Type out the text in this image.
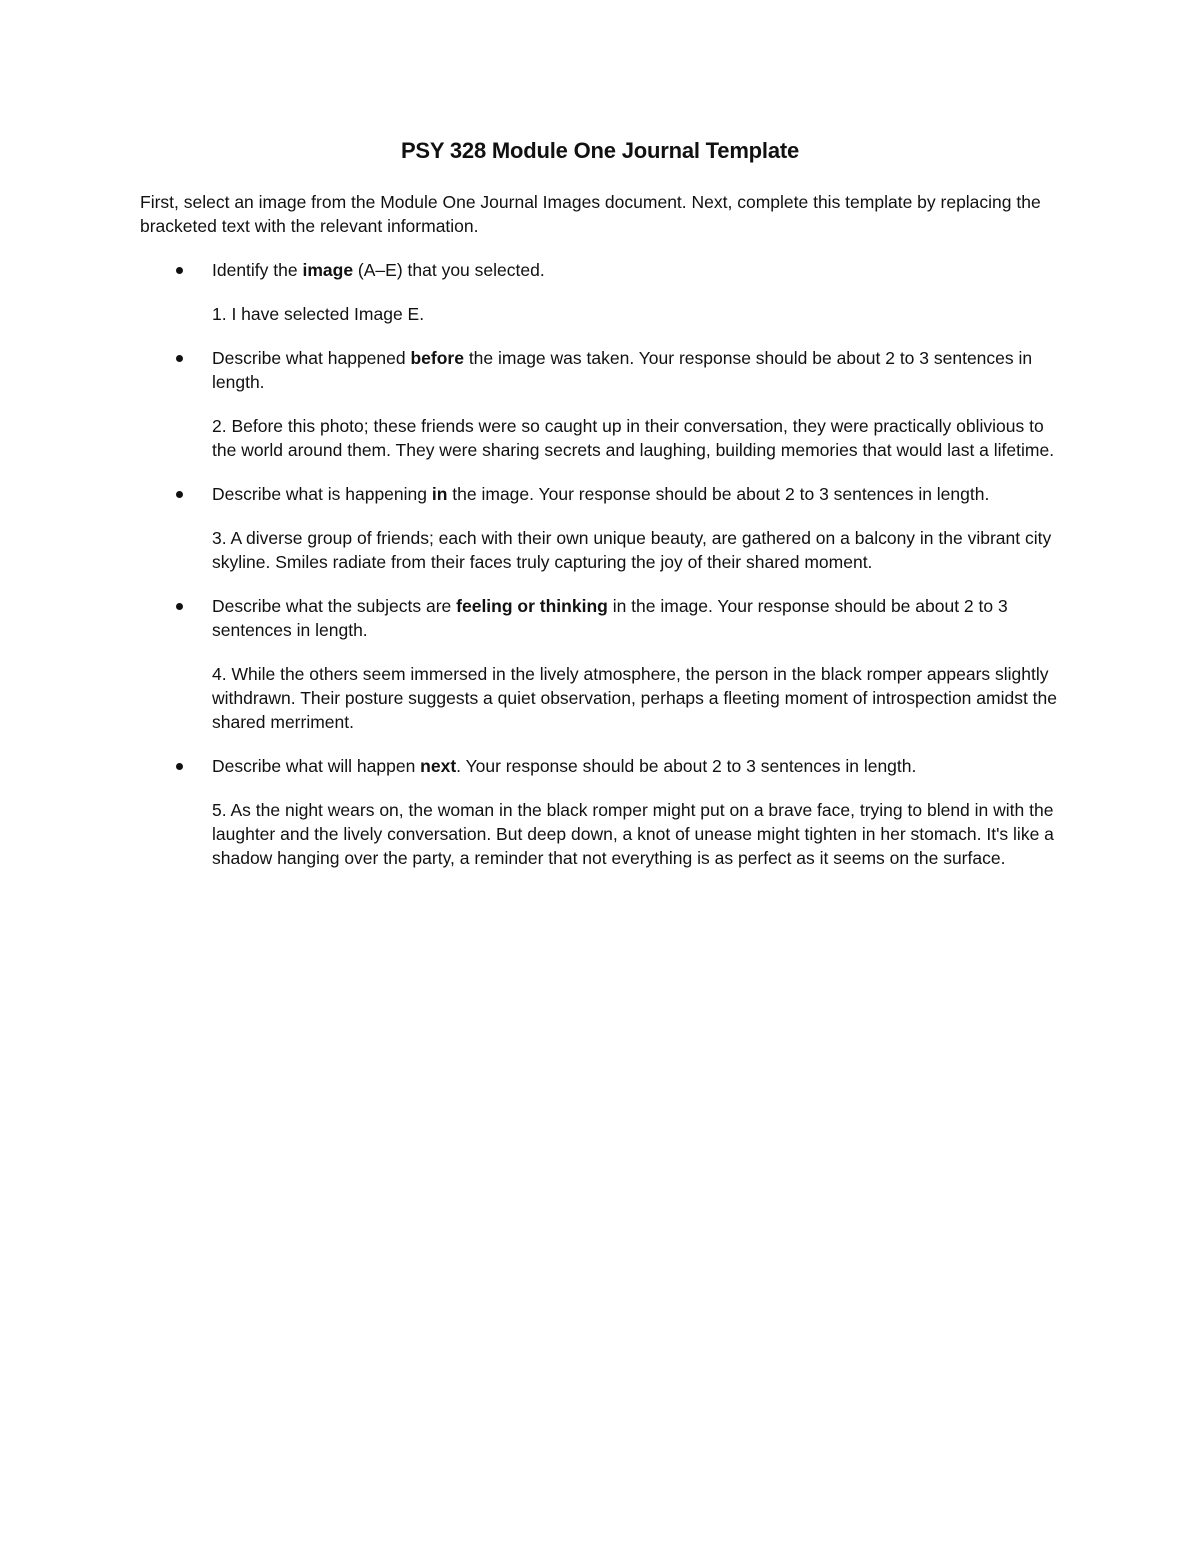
PSY 328 Module One Journal Template

First, select an image from the Module One Journal Images document. Next, complete this template by replacing the bracketed text with the relevant information.

Identify the image (A–E) that you selected.

1. I have selected Image E.

Describe what happened before the image was taken. Your response should be about 2 to 3 sentences in length.

2. Before this photo; these friends were so caught up in their conversation, they were practically oblivious to the world around them. They were sharing secrets and laughing, building memories that would last a lifetime.

Describe what is happening in the image. Your response should be about 2 to 3 sentences in length.

3. A diverse group of friends; each with their own unique beauty, are gathered on a balcony in the vibrant city skyline. Smiles radiate from their faces truly capturing the joy of their shared moment.

Describe what the subjects are feeling or thinking in the image. Your response should be about 2 to 3 sentences in length.

4. While the others seem immersed in the lively atmosphere, the person in the black romper appears slightly withdrawn. Their posture suggests a quiet observation, perhaps a fleeting moment of introspection amidst the shared merriment.

Describe what will happen next. Your response should be about 2 to 3 sentences in length.

5. As the night wears on, the woman in the black romper might put on a brave face, trying to blend in with the laughter and the lively conversation. But deep down, a knot of unease might tighten in her stomach. It's like a shadow hanging over the party, a reminder that not everything is as perfect as it seems on the surface.
